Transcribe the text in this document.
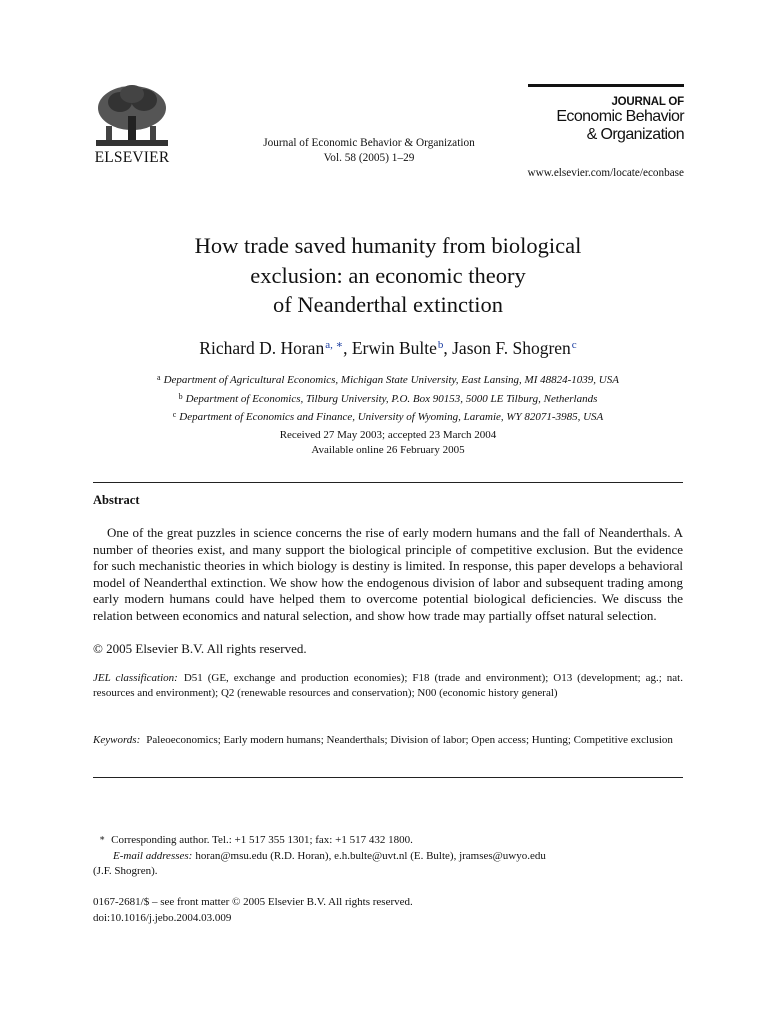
ELSEVIER
Journal of Economic Behavior & Organization
Vol. 58 (2005) 1–29
JOURNAL OF
Economic Behavior
& Organization
www.elsevier.com/locate/econbase
How trade saved humanity from biological
exclusion: an economic theory
of Neanderthal extinction
Richard D. Horan$^{a, ∗}$, Erwin Bulte$^b$, Jason F. Shogren$^c$
$^a$ Department of Agricultural Economics, Michigan State University, East Lansing, MI 48824-1039, USA
$^b$ Department of Economics, Tilburg University, P.O. Box 90153, 5000 LE Tilburg, Netherlands
$^c$ Department of Economics and Finance, University of Wyoming, Laramie, WY 82071-3985, USA
Received 27 May 2003; accepted 23 March 2004
Available online 26 February 2005
Abstract
One of the great puzzles in science concerns the rise of early modern humans and the fall of Neanderthals. A number of theories exist, and many support the biological principle of competitive exclusion. But the evidence for such mechanistic theories in which biology is destiny is limited. In response, this paper develops a behavioral model of Neanderthal extinction. We show how the endogenous division of labor and subsequent trading among early modern humans could have helped them to overcome potential biological deficiencies. We discuss the relation between economics and natural selection, and show how trade may partially offset natural selection.
© 2005 Elsevier B.V. All rights reserved.
JEL classification: D51 (GE, exchange and production economies); F18 (trade and environment); O13 (development; ag.; nat. resources and environment); Q2 (renewable resources and conservation); N00 (economic history general)
Keywords: Paleoeconomics; Early modern humans; Neanderthals; Division of labor; Open access; Hunting; Competitive exclusion
∗ Corresponding author. Tel.: +1 517 355 1301; fax: +1 517 432 1800.
E-mail addresses: horan@msu.edu (R.D. Horan), e.h.bulte@uvt.nl (E. Bulte), jramses@uwyo.edu
(J.F. Shogren).
0167-2681/$ – see front matter © 2005 Elsevier B.V. All rights reserved.
doi:10.1016/j.jebo.2004.03.009
